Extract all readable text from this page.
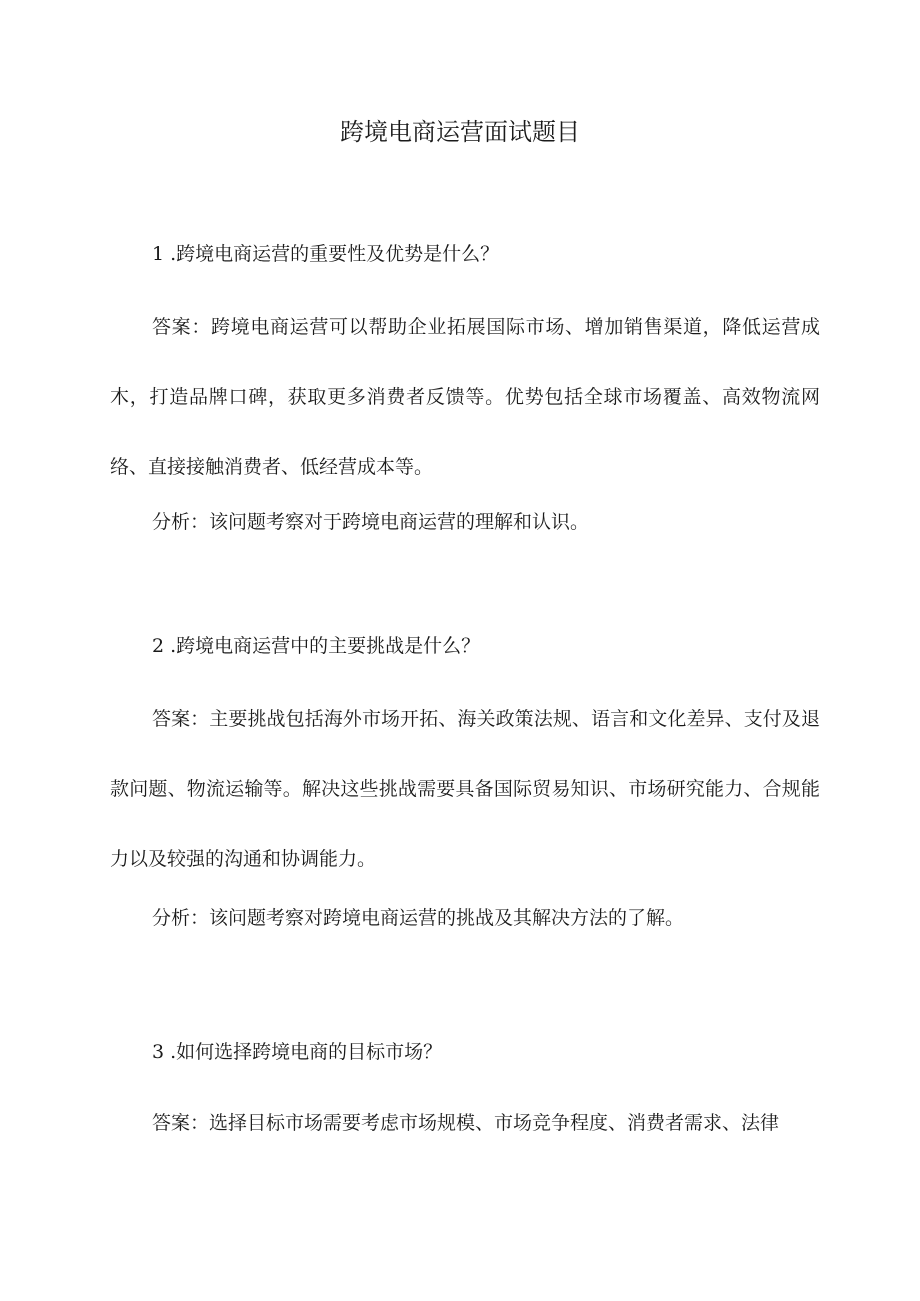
跨境电商运营面试题目

1 .跨境电商运营的重要性及优势是什么？

答案：跨境电商运营可以帮助企业拓展国际市场、增加销售渠道，降低运营成木，打造品牌口碑，获取更多消费者反馈等。优势包括全球市场覆盖、高效物流网络、直接接触消费者、低经营成本等。

分析：该问题考察对于跨境电商运营的理解和认识。

2 .跨境电商运营中的主要挑战是什么？

答案：主要挑战包括海外市场开拓、海关政策法规、语言和文化差异、支付及退款问题、物流运输等。解决这些挑战需要具备国际贸易知识、市场研究能力、合规能力以及较强的沟通和协调能力。

分析：该问题考察对跨境电商运营的挑战及其解决方法的了解。

3 .如何选择跨境电商的目标市场？

答案：选择目标市场需要考虑市场规模、市场竞争程度、消费者需求、法律
